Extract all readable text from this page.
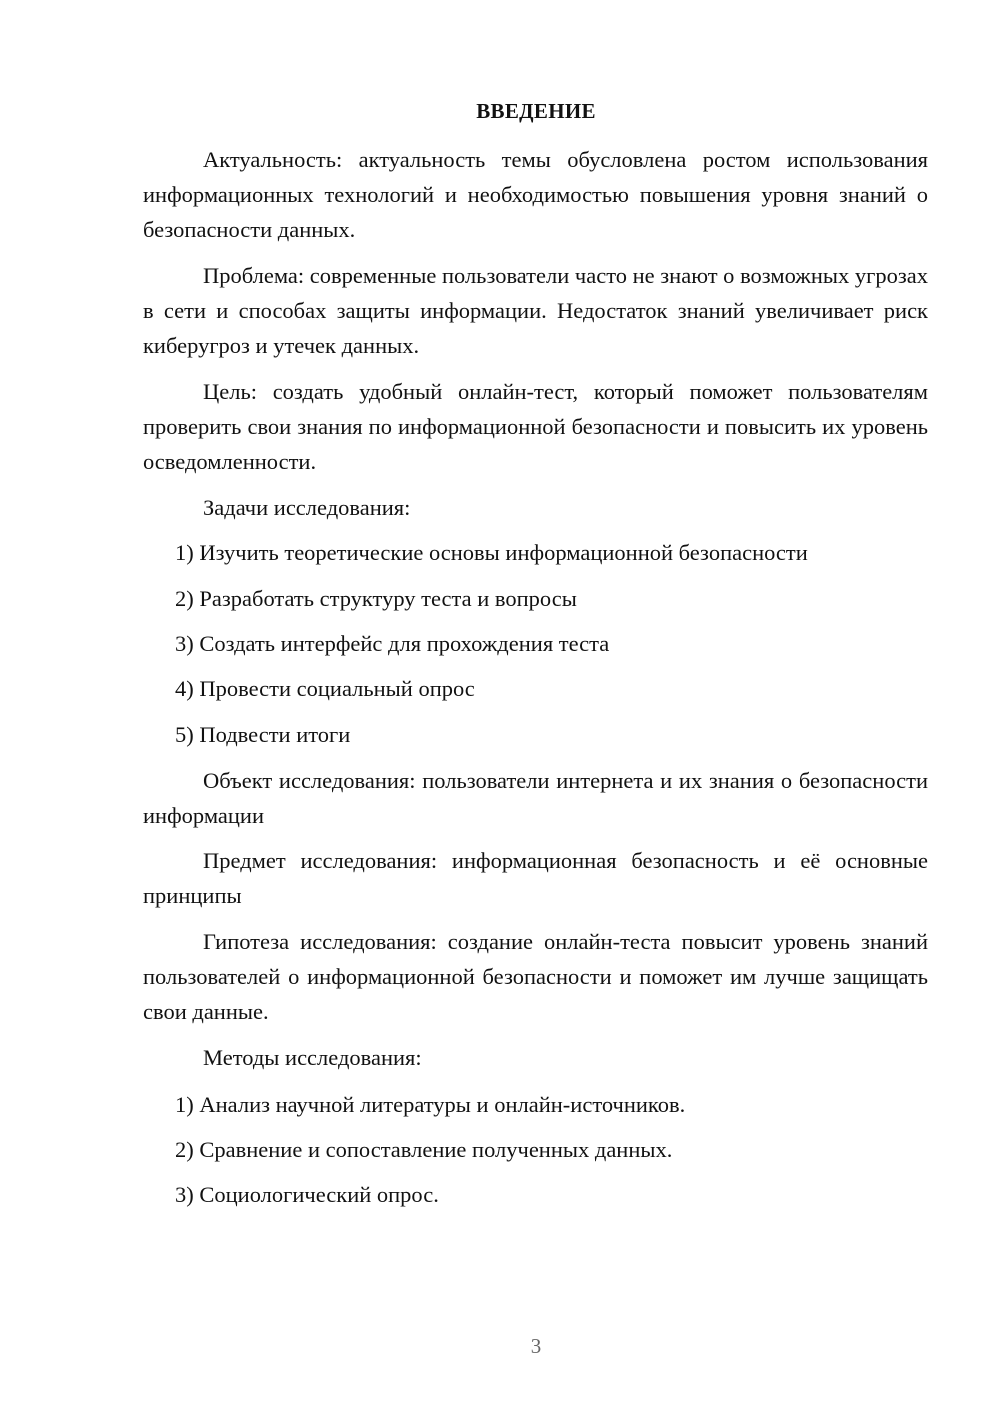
ВВЕДЕНИЕ

Актуальность: актуальность темы обусловлена ростом использования информационных технологий и необходимостью повышения уровня знаний о безопасности данных.

Проблема: современные пользователи часто не знают о возможных угрозах в сети и способах защиты информации. Недостаток знаний увеличивает риск киберугроз и утечек данных.

Цель: создать удобный онлайн-тест, который поможет пользователям проверить свои знания по информационной безопасности и повысить их уровень осведомленности.

Задачи исследования:

1) Изучить теоретические основы информационной безопасности

2) Разработать структуру теста и вопросы

3) Создать интерфейс для прохождения теста

4) Провести социальный опрос

5) Подвести итоги

Объект исследования: пользователи интернета и их знания о безопасности информации

Предмет исследования: информационная безопасность и её основные принципы

Гипотеза исследования: создание онлайн-теста повысит уровень знаний пользователей о информационной безопасности и поможет им лучше защищать свои данные.

Методы исследования:

1) Анализ научной литературы и онлайн-источников.

2) Сравнение и сопоставление полученных данных.

3) Социологический опрос.

3
